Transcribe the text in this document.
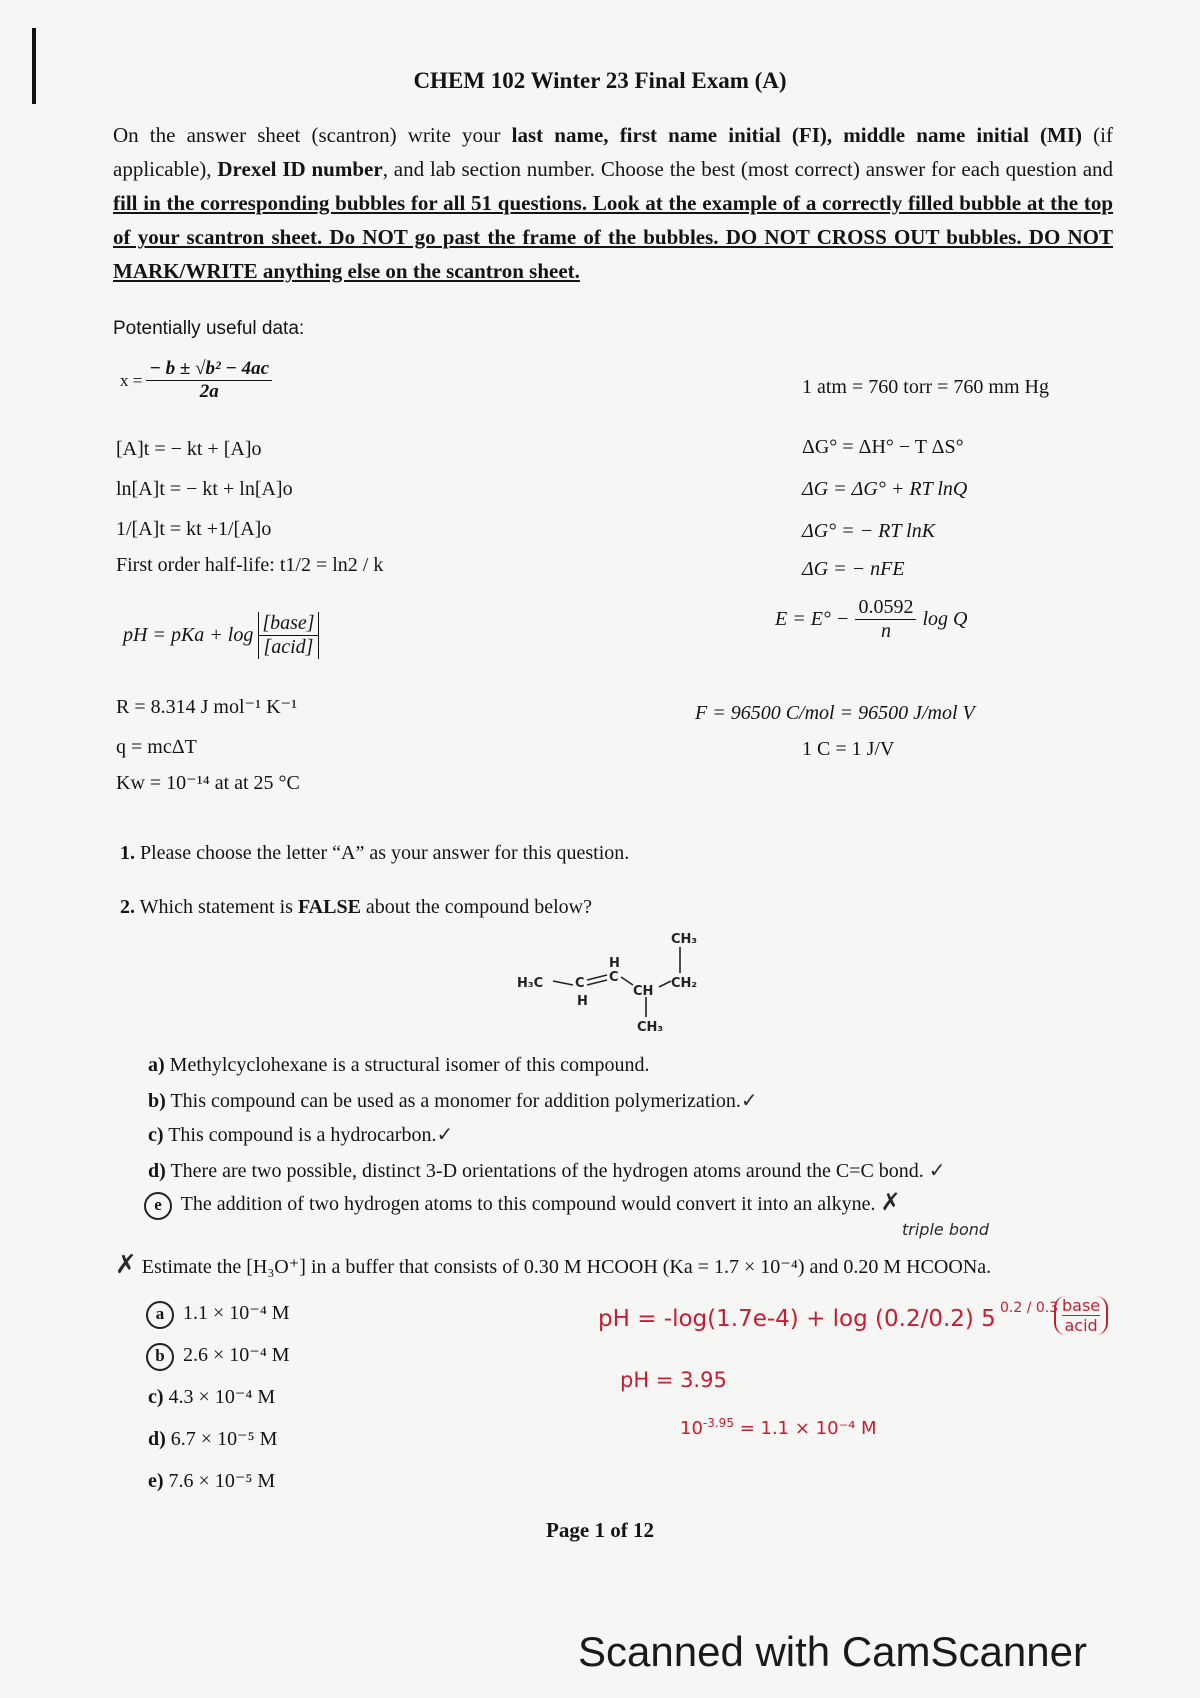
CHEM 102 Winter 23 Final Exam (A)
On the answer sheet (scantron) write your last name, first name initial (FI), middle name initial (MI) (if applicable), Drexel ID number, and lab section number. Choose the best (most correct) answer for each question and fill in the corresponding bubbles for all 51 questions. Look at the example of a correctly filled bubble at the top of your scantron sheet. Do NOT go past the frame of the bubbles. DO NOT CROSS OUT bubbles. DO NOT MARK/WRITE anything else on the scantron sheet.
Potentially useful data:
$x = \frac{\text{− b ± √b² − 4ac}}{2a}$	1 atm = 760 torr = 760 mm Hg
[A]t = − kt + [A]o
ln[A]t = − kt + ln[A]o
1/[A]t = kt +1/[A]o
First order half-life: t1/2 = ln2 / k
ΔG° = ΔH° − T ΔS°
ΔG = ΔG° + RT lnQ
ΔG° = − RT lnK
ΔG = − nFE
$E = E^\circ - \frac{0.0592}{n}$ log Q
pH = pKa + $\log \frac{\text{[base]}}{\text{[acid]}}$
R = 8.314 J mol⁻¹ K⁻¹	F = 96500 C/mol = 96500 J/mol V
q = mcΔT	1 C = 1 J/V
Kw = 10⁻¹⁴ at at 25 °C
1. Please choose the letter “A” as your answer for this question.
2. Which statement is FALSE about the compound below?
H₃C C C
H
H
CH
CH₂
CH₃
CH₃
a) Methylcyclohexane is a structural isomer of this compound.
b) This compound can be used as a monomer for addition polymerization.✓
c) This compound is a hydrocarbon.✓
d) There are two possible, distinct 3-D orientations of the hydrogen atoms around the C=C bond. ✓
e The addition of two hydrogen atoms to this compound would convert it into an alkyne. ✗
triple bond
✗ Estimate the [H₃O⁺] in a buffer that consists of 0.30 M HCOOH (Ka = 1.7 × 10⁻⁴) and 0.20 M HCOONa.
a 1.1 × 10⁻⁴ M
b 2.6 × 10⁻⁴ M
c) 4.3 × 10⁻⁴ M
d) 6.7 × 10⁻⁵ M
e) 7.6 × 10⁻⁵ M
pH = -log(1.7e-4) + log (0.2/0.2) 5 0.2 / 0.3 base
acid
pH = 3.95
$10^{-3.95} = 1.1 \times 10^{-4}$ M
Page 1 of 12
Scanned with CamScanner
